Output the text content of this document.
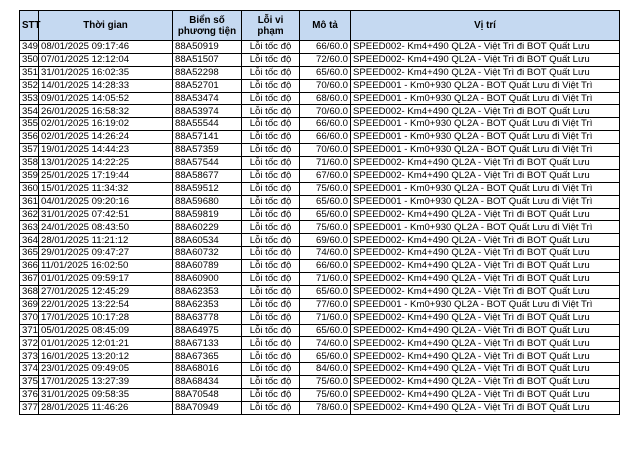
STT	Thời gian	Biển số phương tiện	Lỗi vi phạm	Mô tả	Vị trí
349	08/01/2025 09:17:46	88A50919	Lỗi tốc độ	66/60.0	SPEED002- Km4+490 QL2A - Việt Trì đi BOT Quất Lưu
350	07/01/2025 12:12:04	88A51507	Lỗi tốc độ	72/60.0	SPEED002- Km4+490 QL2A - Việt Trì đi BOT Quất Lưu
351	31/01/2025 16:02:35	88A52298	Lỗi tốc độ	65/60.0	SPEED002- Km4+490 QL2A - Việt Trì đi BOT Quất Lưu
352	14/01/2025 14:28:33	88A52701	Lỗi tốc độ	70/60.0	SPEED001 - Km0+930 QL2A - BOT Quất Lưu đi Việt Trì
353	09/01/2025 14:05:52	88A53474	Lỗi tốc độ	68/60.0	SPEED001 - Km0+930 QL2A - BOT Quất Lưu đi Việt Trì
354	26/01/2025 16:58:32	88A53974	Lỗi tốc độ	70/60.0	SPEED002- Km4+490 QL2A - Việt Trì đi BOT Quất Lưu
355	02/01/2025 16:19:02	88A55544	Lỗi tốc độ	66/60.0	SPEED001 - Km0+930 QL2A - BOT Quất Lưu đi Việt Trì
356	02/01/2025 14:26:24	88A57141	Lỗi tốc độ	66/60.0	SPEED001 - Km0+930 QL2A - BOT Quất Lưu đi Việt Trì
357	19/01/2025 14:44:23	88A57359	Lỗi tốc độ	70/60.0	SPEED001 - Km0+930 QL2A - BOT Quất Lưu đi Việt Trì
358	13/01/2025 14:22:25	88A57544	Lỗi tốc độ	71/60.0	SPEED002- Km4+490 QL2A - Việt Trì đi BOT Quất Lưu
359	25/01/2025 17:19:44	88A58677	Lỗi tốc độ	67/60.0	SPEED002- Km4+490 QL2A - Việt Trì đi BOT Quất Lưu
360	15/01/2025 11:34:32	88A59512	Lỗi tốc độ	75/60.0	SPEED001 - Km0+930 QL2A - BOT Quất Lưu đi Việt Trì
361	04/01/2025 09:20:16	88A59680	Lỗi tốc độ	65/60.0	SPEED001 - Km0+930 QL2A - BOT Quất Lưu đi Việt Trì
362	31/01/2025 07:42:51	88A59819	Lỗi tốc độ	65/60.0	SPEED002- Km4+490 QL2A - Việt Trì đi BOT Quất Lưu
363	24/01/2025 08:43:50	88A60229	Lỗi tốc độ	75/60.0	SPEED001 - Km0+930 QL2A - BOT Quất Lưu đi Việt Trì
364	28/01/2025 11:21:12	88A60534	Lỗi tốc độ	69/60.0	SPEED002- Km4+490 QL2A - Việt Trì đi BOT Quất Lưu
365	29/01/2025 09:47:27	88A60732	Lỗi tốc độ	74/60.0	SPEED002- Km4+490 QL2A - Việt Trì đi BOT Quất Lưu
366	11/01/2025 16:02:50	88A60789	Lỗi tốc độ	66/60.0	SPEED002- Km4+490 QL2A - Việt Trì đi BOT Quất Lưu
367	01/01/2025 09:59:17	88A60900	Lỗi tốc độ	71/60.0	SPEED002- Km4+490 QL2A - Việt Trì đi BOT Quất Lưu
368	27/01/2025 12:45:29	88A62353	Lỗi tốc độ	65/60.0	SPEED002- Km4+490 QL2A - Việt Trì đi BOT Quất Lưu
369	22/01/2025 13:22:54	88A62353	Lỗi tốc độ	77/60.0	SPEED001 - Km0+930 QL2A - BOT Quất Lưu đi Việt Trì
370	17/01/2025 10:17:28	88A63778	Lỗi tốc độ	71/60.0	SPEED002- Km4+490 QL2A - Việt Trì đi BOT Quất Lưu
371	05/01/2025 08:45:09	88A64975	Lỗi tốc độ	65/60.0	SPEED002- Km4+490 QL2A - Việt Trì đi BOT Quất Lưu
372	01/01/2025 12:01:21	88A67133	Lỗi tốc độ	74/60.0	SPEED002- Km4+490 QL2A - Việt Trì đi BOT Quất Lưu
373	16/01/2025 13:20:12	88A67365	Lỗi tốc độ	65/60.0	SPEED002- Km4+490 QL2A - Việt Trì đi BOT Quất Lưu
374	23/01/2025 09:49:05	88A68016	Lỗi tốc độ	84/60.0	SPEED002- Km4+490 QL2A - Việt Trì đi BOT Quất Lưu
375	17/01/2025 13:27:39	88A68434	Lỗi tốc độ	75/60.0	SPEED002- Km4+490 QL2A - Việt Trì đi BOT Quất Lưu
376	31/01/2025 09:58:35	88A70548	Lỗi tốc độ	75/60.0	SPEED002- Km4+490 QL2A - Việt Trì đi BOT Quất Lưu
377	28/01/2025 11:46:26	88A70949	Lỗi tốc độ	78/60.0	SPEED002- Km4+490 QL2A - Việt Trì đi BOT Quất Lưu
